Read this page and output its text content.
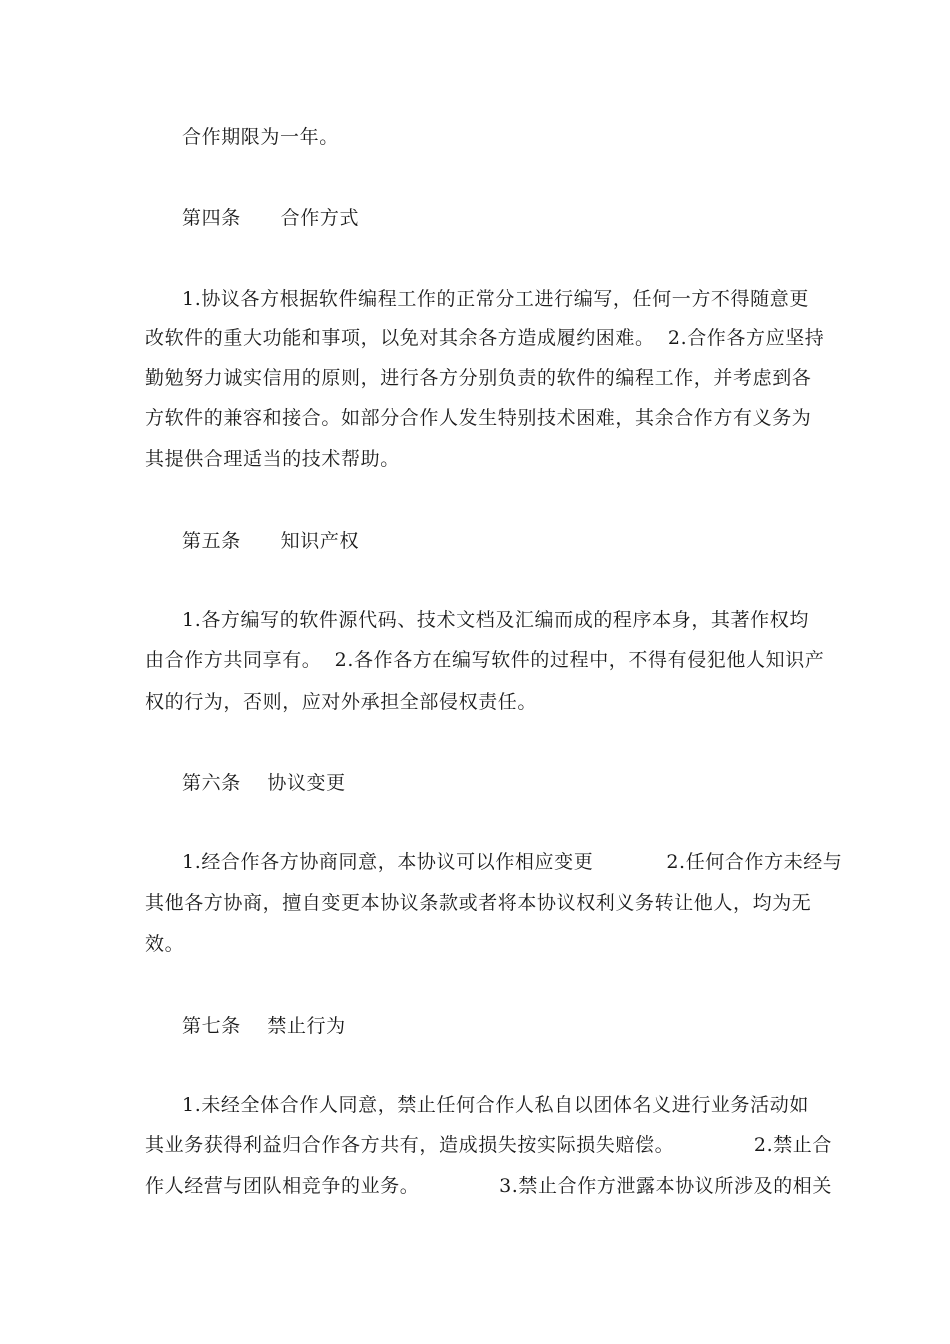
合作期限为一年。
第四条      合作方式
1.协议各方根据软件编程工作的正常分工进行编写，任何一方不得随意更
改软件的重大功能和事项，以免对其余各方造成履约困难。  2.合作各方应坚持
勤勉努力诚实信用的原则，进行各方分别负责的软件的编程工作，并考虑到各
方软件的兼容和接合。如部分合作人发生特别技术困难，其余合作方有义务为
其提供合理适当的技术帮助。
第五条      知识产权
1.各方编写的软件源代码、技术文档及汇编而成的程序本身，其著作权均
由合作方共同享有。  2.各作各方在编写软件的过程中，不得有侵犯他人知识产
权的行为，否则，应对外承担全部侵权责任。
第六条    协议变更
1.经合作各方协商同意，本协议可以作相应变更           2.任何合作方未经与
其他各方协商，擅自变更本协议条款或者将本协议权利义务转让他人，均为无
效。
第七条    禁止行为
1.未经全体合作人同意，禁止任何合作人私自以团体名义进行业务活动如
其业务获得利益归合作各方共有，造成损失按实际损失赔偿。            2.禁止合
作人经营与团队相竞争的业务。            3.禁止合作方泄露本协议所涉及的相关
